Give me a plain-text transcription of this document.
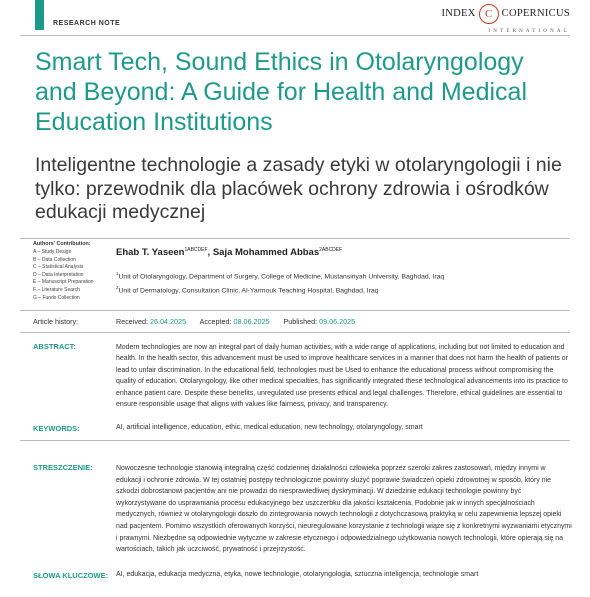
RESEARCH NOTE
INDEX C COPERNICUS
INTERNATIONAL
Smart Tech, Sound Ethics in Otolaryngology and Beyond: A Guide for Health and Medical Education Institutions
Inteligentne technologie a zasady etyki w otolaryngologii i nie tylko: przewodnik dla placówek ochrony zdrowia i ośrodków edukacji medycznej
Authors' Contribution:
A – Study Design
B – Data Collection
C – Statistical Analysis
D – Data Interpretation
E – Manuscript Preparation
F – Literature Search
G – Funds Collection
Ehab T. Yaseen$^{1ABCDEF}$, Saja Mohammed Abbas$^{2ABCDEF}$
$^1$Unit of Otolaryngology, Department of Surgery, College of Medicine, Mustansiriyah University, Baghdad, Iraq
$^2$Unit of Dermatology, Consultation Clinic, Al-Yarmouk Teaching Hospital, Baghdad, Iraq
Article history:	Received: 26.04.2025 Accepted: 08.06.2025 Published: 09.06.2025
ABSTRACT:	Modern technologies are now an integral part of daily human activities, with a wide range of applications, including but not limited to education and health. In the health sector, this advancement must be used to improve healthcare services in a manner that does not harm the health of patients or lead to unfair discrimination. In the educational field, technologies must be Used to enhance the educational process without compromising the quality of education. Otolaryngology, like other medical specialties, has significantly integrated these technological advancements into its practice to enhance patient care. Despite these benefits, unregulated use presents ethical and legal challenges. Therefore, ethical guidelines are essential to ensure responsible usage that aligns with values like fairness, privacy, and transparency.
KEYWORDS:	AI, artificial intelligence, education, ethic, medical education, new technology, otolaryngology, smart
STRESZCZENIE:	Nowoczesne technologie stanowią integralną część codziennej działalności człowieka poprzez szeroki zakres zastosowań, między innymi w edukacji i ochronie zdrowia. W tej ostatniej postępy technologiczne powinny służyć poprawie świadczeń opieki zdrowotnej w sposób, który nie szkodzi dobrostanowi pacjentów ani nie prowadzi do niesprawiedliwej dyskryminacji. W dziedzinie edukacji technologie powinny być wykorzystywane do usprawniania procesu edukacyjnego bez uszczerbku dla jakości kształcenia. Podobnie jak w innych specjalnościach medycznych, również w otolaryngologii doszło do zintegrowania nowych technologii z dotychczasową praktyką w celu zapewnienia lepszej opieki nad pacjentem. Pomimo wszystkich oferowanych korzyści, nieuregulowane korzystanie z technologii wiąże się z konkretnymi wyzwaniami etycznymi i prawnymi. Niezbędne są odpowiednie wytyczne w zakresie etycznego i odpowiedzialnego użytkowania nowych technologii, które opierają się na wartościach, takich jak uczciwość, prywatność i przejrzystość.
SŁOWA KLUCZOWE: AI, edukacja, edukacja medyczna, etyka, nowe technologie, otolaryngologia, sztuczna inteligencja, technologie smart
